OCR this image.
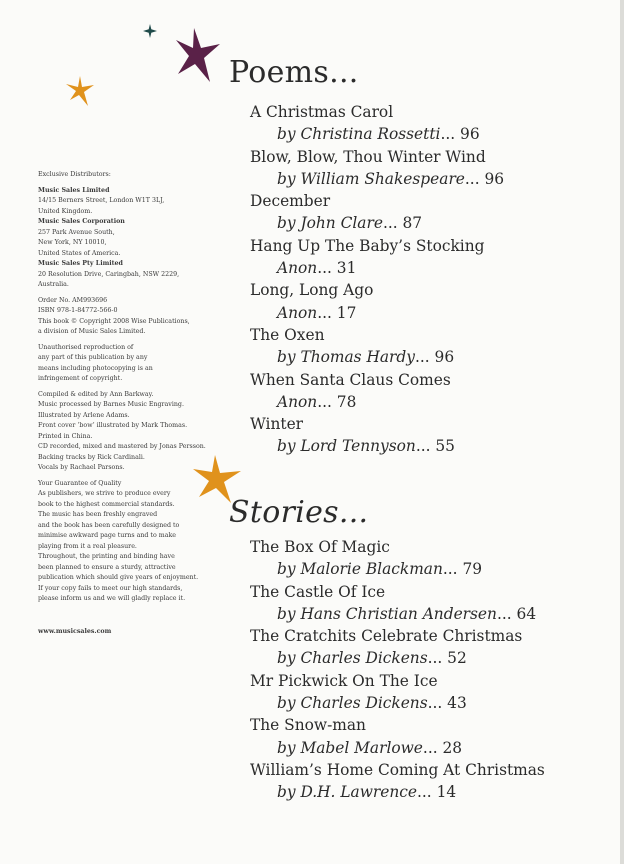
Exclusive Distributors:
Music Sales Limited
14/15 Berners Street, London W1T 3LJ,
United Kingdom.
Music Sales Corporation
257 Park Avenue South,
New York, NY 10010,
United States of America.
Music Sales Pty Limited
20 Resolution Drive, Caringbah, NSW 2229,
Australia.
Order No. AM993696
ISBN 978-1-84772-566-0
This book © Copyright 2008 Wise Publications,
a division of Music Sales Limited.
Unauthorised reproduction of
any part of this publication by any
means including photocopying is an
infringement of copyright.
Compiled & edited by Ann Barkway.
Music processed by Barnes Music Engraving.
Illustrated by Arlene Adams.
Front cover ‘bow’ illustrated by Mark Thomas.
Printed in China.
CD recorded, mixed and mastered by Jonas Persson.
Backing tracks by Rick Cardinali.
Vocals by Rachael Parsons.
Your Guarantee of Quality
As publishers, we strive to produce every
book to the highest commercial standards.
The music has been freshly engraved
and the book has been carefully designed to
minimise awkward page turns and to make
playing from it a real pleasure.
Throughout, the printing and binding have
been planned to ensure a sturdy, attractive
publication which should give years of enjoyment.
If your copy fails to meet our high standards,
please inform us and we will gladly replace it.
www.musicsales.com
Poems...
A Christmas Carol
by Christina Rossetti... 96
Blow, Blow, Thou Winter Wind
by William Shakespeare... 96
December
by John Clare... 87
Hang Up The Baby’s Stocking
Anon... 31
Long, Long Ago
Anon... 17
The Oxen
by Thomas Hardy... 96
When Santa Claus Comes
Anon... 78
Winter
by Lord Tennyson... 55
Stories...
The Box Of Magic
by Malorie Blackman... 79
The Castle Of Ice
by Hans Christian Andersen... 64
The Cratchits Celebrate Christmas
by Charles Dickens... 52
Mr Pickwick On The Ice
by Charles Dickens... 43
The Snow-man
by Mabel Marlowe... 28
William’s Home Coming At Christmas
by D.H. Lawrence... 14
